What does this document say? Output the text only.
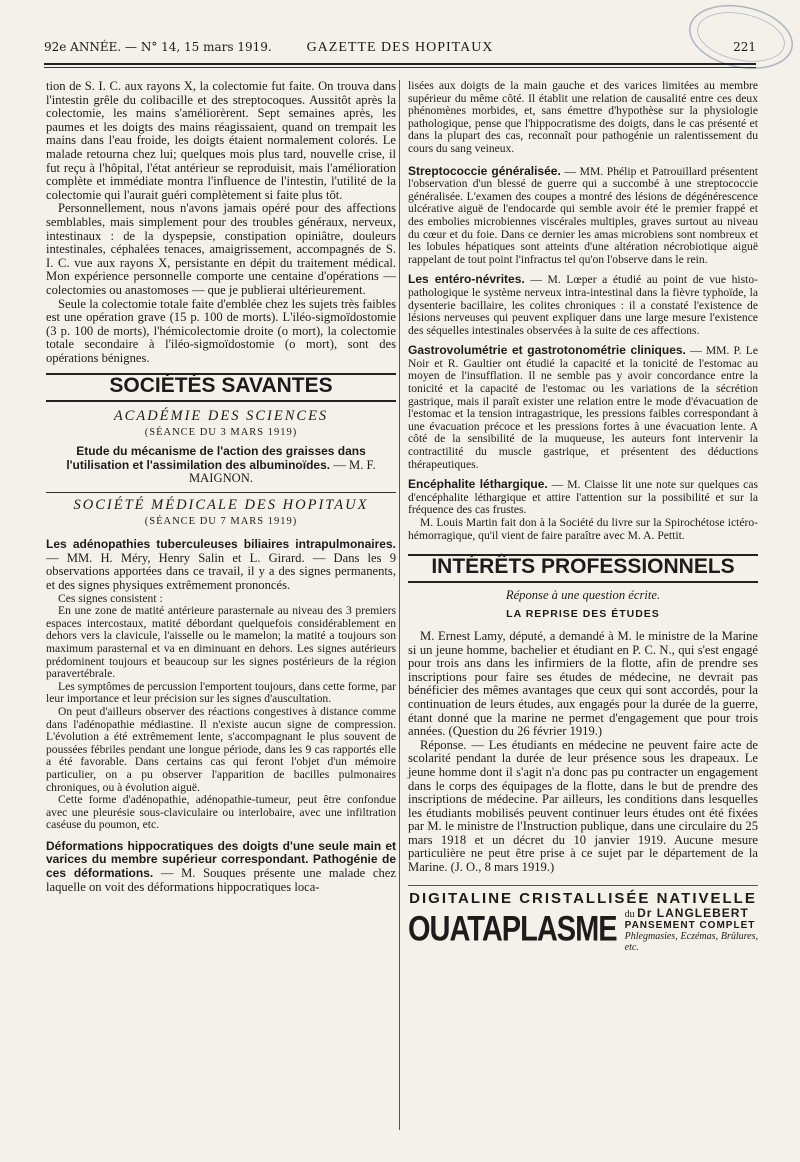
92e ANNÉE. — N° 14, 15 mars 1919.	GAZETTE DES HOPITAUX	221

tion de S. I. C. aux rayons X, la colectomie fut faite. On trouva dans l'intestin grêle du colibacille et des streptocoques. Aussitôt après la colectomie, les mains s'améliorèrent. Sept semaines après, les paumes et les doigts des mains réagissaient, quand on trempait les mains dans l'eau froide, les doigts étaient normalement colorés. Le malade retourna chez lui; quelques mois plus tard, nouvelle crise, il fut reçu à l'hôpital, l'état antérieur se reproduisit, mais l'amélioration complète et immédiate montra l'influence de l'intestin, l'utilité de la colectomie qui l'aurait guéri complètement si faite plus tôt.

Personnellement, nous n'avons jamais opéré pour des affections semblables, mais simplement pour des troubles généraux, nerveux, intestinaux : de la dyspepsie, constipation opiniâtre, douleurs intestinales, céphalées tenaces, amaigrissement, accompagnés de S. I. C. vue aux rayons X, persistante en dépit du traitement médical. Mon expérience personnelle comporte une centaine d'opérations — colectomies ou anastomoses — que je publierai ultérieurement.

Seule la colectomie totale faite d'emblée chez les sujets très faibles est une opération grave (15 p. 100 de morts). L'iléo-sigmoïdostomie (3 p. 100 de morts), l'hémicolectomie droite (o mort), la colectomie totale secondaire à l'iléo-sigmoïdostomie (o mort), sont des opérations bénignes.

SOCIÉTÉS SAVANTES
ACADÉMIE DES SCIENCES
(SÉANCE DU 3 MARS 1919)

Etude du mécanisme de l'action des graisses dans l'utilisation et l'assimilation des albuminoïdes. — M. F. MAIGNON.

SOCIÉTÉ MÉDICALE DES HOPITAUX
(SÉANCE DU 7 MARS 1919)

Les adénopathies tuberculeuses biliaires intrapulmonaires. — MM. H. Méry, Henry Salin et L. Girard. — Dans les 9 observations apportées dans ce travail, il y a des signes permanents, et des signes physiques extrêmement prononcés.

Ces signes consistent :

En une zone de matité antérieure parasternale au niveau des 3 premiers espaces intercostaux, matité débordant quelquefois considérablement en dehors vers la clavicule, l'aisselle ou le mamelon; la matité a toujours son maximum parasternal et va en diminuant en dehors. Les signes autérieurs prédominent toujours et beaucoup sur les signes postérieurs de la région paravertébrale.

Les symptômes de percussion l'emportent toujours, dans cette forme, par leur importance et leur précision sur les signes d'auscultation.

On peut d'ailleurs observer des réactions congestives à distance comme dans l'adénopathie médiastine. Il n'existe aucun signe de compression. L'évolution a été extrêmement lente, s'accompagnant le plus souvent de poussées fébriles pendant une longue période, dans les 9 cas rapportés elle a été favorable. Dans certains cas qui feront l'objet d'un mémoire particulier, on a pu observer l'apparition de bacilles pulmonaires chroniques, ou à évolution aiguë.

Cette forme d'adénopathie, adénopathie-tumeur, peut être confondue avec une pleurésie sous-claviculaire ou interlobaire, avec une infiltration caséuse du poumon, etc.

Déformations hippocratiques des doigts d'une seule main et varices du membre supérieur correspondant. Pathogénie de ces déformations. — M. Souques présente une malade chez laquelle on voit des déformations hippocratiques loca-

lisées aux doigts de la main gauche et des varices limitées au membre supérieur du même côté. Il établit une relation de causalité entre ces deux phénomènes morbides, et, sans émettre d'hypothèse sur la physiologie pathologique, pense que l'hippocratisme des doigts, dans le cas présenté et dans la plupart des cas, reconnaît pour pathogénie un ralentissement du cours du sang veineux.

Streptococcie généralisée. — MM. Phélip et Patrouillard présentent l'observation d'un blessé de guerre qui a succombé à une streptococcie généralisée. L'examen des coupes a montré des lésions de dégénérescence ulcérative aiguë de l'endocarde qui semble avoir été le premier frappé et des embolies microbiennes viscérales multiples, graves surtout au niveau du cœur et du foie. Dans ce dernier les amas microbiens sont nombreux et les lobules hépatiques sont atteints d'une altération nécrobiotique aiguë rappelant de tout point l'infractus tel qu'on l'observe dans le rein.

Les entéro-névrites. — M. Lœper a étudié au point de vue histo-pathologique le système nerveux intra-intestinal dans la fièvre typhoïde, la dysenterie bacillaire, les colites chroniques : il a constaté l'existence de lésions nerveuses qui peuvent expliquer dans une large mesure l'existence des séquelles intestinales observées à la suite de ces affections.

Gastrovolumétrie et gastrotonométrie cliniques. — MM. P. Le Noir et R. Gaultier ont étudié la capacité et la tonicité de l'estomac au moyen de l'insufflation. Il ne semble pas y avoir concordance entre la tonicité et la capacité de l'estomac ou les variations de la sécrétion gastrique, mais il paraît exister une relation entre le mode d'évacuation de l'estomac et la tension intragastrique, les pressions faibles correspondant à une évacuation précoce et les pressions fortes à une évacuation lente. A côté de la sensibilité de la muqueuse, les auteurs font intervenir la contractilité du muscle gastrique, et présentent des déductions thérapeutiques.

Encéphalite léthargique. — M. Claisse lit une note sur quelques cas d'encéphalite léthargique et attire l'attention sur la possibilité et sur la fréquence des cas frustes.

M. Louis Martin fait don à la Société du livre sur la Spirochétose ictéro-hémorragique, qu'il vient de faire paraître avec M. A. Pettit.

INTÉRÊTS PROFESSIONNELS

Réponse à une question écrite.

LA REPRISE DES ÉTUDES

M. Ernest Lamy, député, a demandé à M. le ministre de la Marine si un jeune homme, bachelier et étudiant en P. C. N., qui s'est engagé pour trois ans dans les infirmiers de la flotte, afin de prendre ses inscriptions pour faire ses études de médecine, ne devrait pas bénéficier des mêmes avantages que ceux qui sont accordés, pour la continuation de leurs études, aux engagés pour la durée de la guerre, étant donné que la marine ne permet d'engagement que pour trois années. (Question du 26 février 1919.)

Réponse. — Les étudiants en médecine ne peuvent faire acte de scolarité pendant la durée de leur présence sous les drapeaux. Le jeune homme dont il s'agit n'a donc pas pu contracter un engagement dans le corps des équipages de la flotte, dans le but de prendre des inscriptions de médecine. Par ailleurs, les conditions dans lesquelles les étudiants mobilisés peuvent continuer leurs études ont été fixées par M. le ministre de l'Instruction publique, dans une circulaire du 25 mars 1918 et un décret du 10 janvier 1919. Aucune mesure particulière ne peut être prise à ce sujet par le département de la Marine. (J. O., 8 mars 1919.)

DIGITALINE CRISTALLISÉE NATIVELLE
OUATAPLASME du Dr LANGLEBERT
PANSEMENT COMPLET
Phlegmasies, Eczémas, Brûlures, etc.
